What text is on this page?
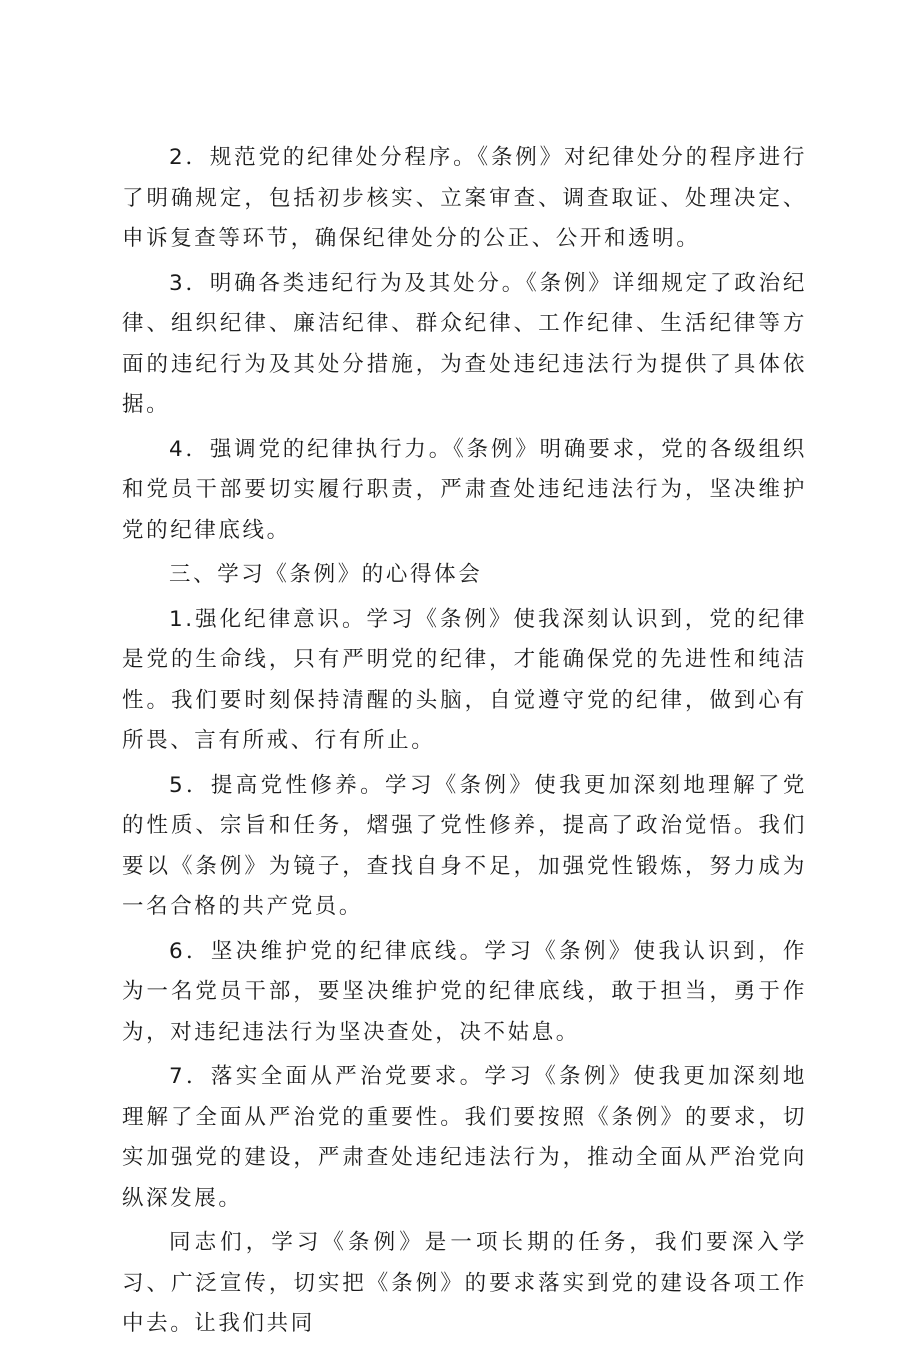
2．规范党的纪律处分程序。《条例》对纪律处分的程序进行了明确规定，包括初步核实、立案审查、调查取证、处理决定、申诉复查等环节，确保纪律处分的公正、公开和透明。

3．明确各类违纪行为及其处分。《条例》详细规定了政治纪律、组织纪律、廉洁纪律、群众纪律、工作纪律、生活纪律等方面的违纪行为及其处分措施，为查处违纪违法行为提供了具体依据。

4．强调党的纪律执行力。《条例》明确要求，党的各级组织和党员干部要切实履行职责，严肃查处违纪违法行为，坚决维护党的纪律底线。

三、学习《条例》的心得体会

1.强化纪律意识。学习《条例》使我深刻认识到，党的纪律是党的生命线，只有严明党的纪律，才能确保党的先进性和纯洁性。我们要时刻保持清醒的头脑，自觉遵守党的纪律，做到心有所畏、言有所戒、行有所止。

5．提高党性修养。学习《条例》使我更加深刻地理解了党的性质、宗旨和任务，熠强了党性修养，提高了政治觉悟。我们要以《条例》为镜子，查找自身不足，加强党性锻炼，努力成为一名合格的共产党员。

6．坚决维护党的纪律底线。学习《条例》使我认识到，作为一名党员干部，要坚决维护党的纪律底线，敢于担当，勇于作为，对违纪违法行为坚决查处，决不姑息。

7．落实全面从严治党要求。学习《条例》使我更加深刻地理解了全面从严治党的重要性。我们要按照《条例》的要求，切实加强党的建设，严肃查处违纪违法行为，推动全面从严治党向纵深发展。

同志们，学习《条例》是一项长期的任务，我们要深入学习、广泛宣传，切实把《条例》的要求落实到党的建设各项工作中去。让我们共同
